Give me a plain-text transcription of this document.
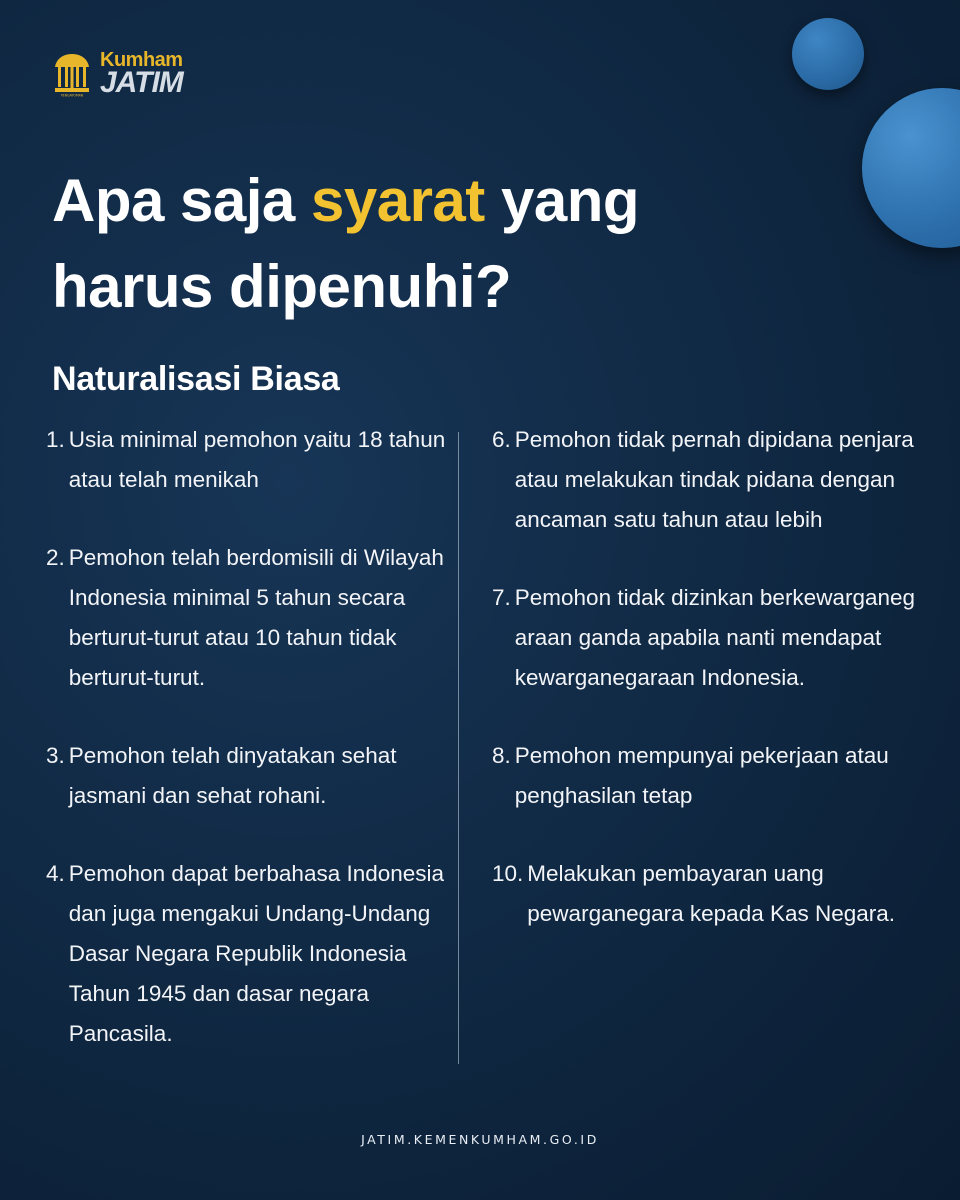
PENGAYOMAN
Kumham
JATIM
Apa saja syarat yang harus dipenuhi?
Naturalisasi Biasa
1. Usia minimal pemohon yaitu 18 tahun atau telah menikah
2. Pemohon telah berdomisili di Wilayah Indonesia minimal 5 tahun secara berturut-turut atau 10 tahun tidak berturut-turut.
3. Pemohon telah dinyatakan sehat jasmani dan sehat rohani.
4. Pemohon dapat berbahasa Indonesia dan juga mengakui Undang-Undang Dasar Negara Republik Indonesia Tahun 1945 dan dasar negara Pancasila.
6. Pemohon tidak pernah dipidana penjara atau melakukan tindak pidana dengan ancaman satu tahun atau lebih
7. Pemohon tidak dizinkan berkewarganeg araan ganda apabila nanti mendapat kewarganegaraan Indonesia.
8. Pemohon mempunyai pekerjaan atau penghasilan tetap
10. Melakukan pembayaran uang pewarganegara kepada Kas Negara.
JATIM.KEMENKUMHAM.GO.ID
